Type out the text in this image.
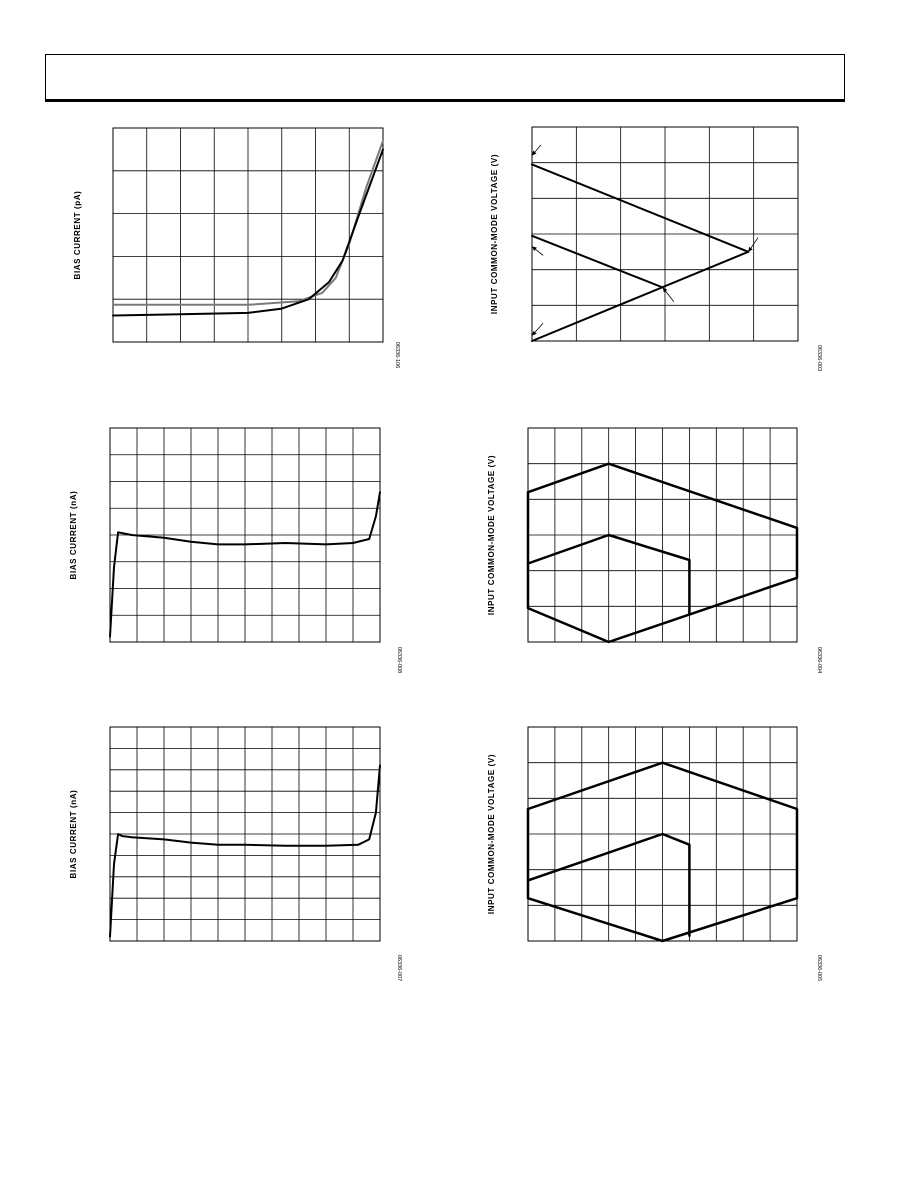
BIAS CURRENT (pA)
06336-106
INPUT COMMON-MODE VOLTAGE (V)
06336-003
BIAS CURRENT (nA)
06336-008
INPUT COMMON-MODE VOLTAGE (V)
06336-004
BIAS CURRENT (nA)
06336-007
INPUT COMMON-MODE VOLTAGE (V)
06336-005
